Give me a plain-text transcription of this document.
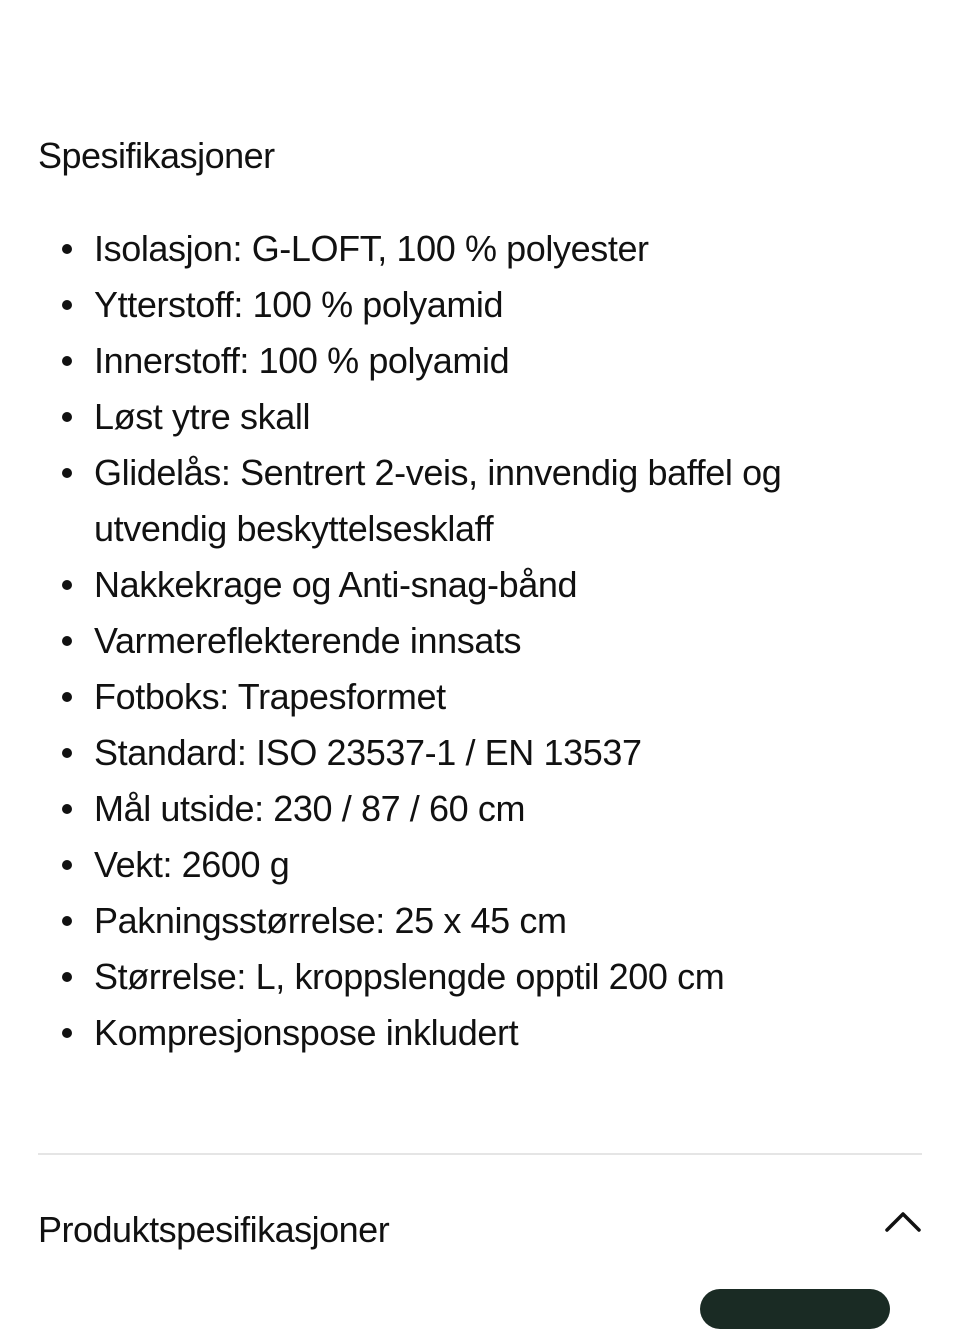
Spesifikasjoner
Isolasjon: G-LOFT, 100 % polyester
Ytterstoff: 100 % polyamid
Innerstoff: 100 % polyamid
Løst ytre skall
Glidelås: Sentrert 2-veis, innvendig baffel og utvendig beskyttelsesklaff
Nakkekrage og Anti-snag-bånd
Varmereflekterende innsats
Fotboks: Trapesformet
Standard: ISO 23537-1 / EN 13537
Mål utside: 230 / 87 / 60 cm
Vekt: 2600 g
Pakningsstørrelse: 25 x 45 cm
Størrelse: L, kroppslengde opptil 200 cm
Kompresjonspose inkludert
Produktspesifikasjoner
